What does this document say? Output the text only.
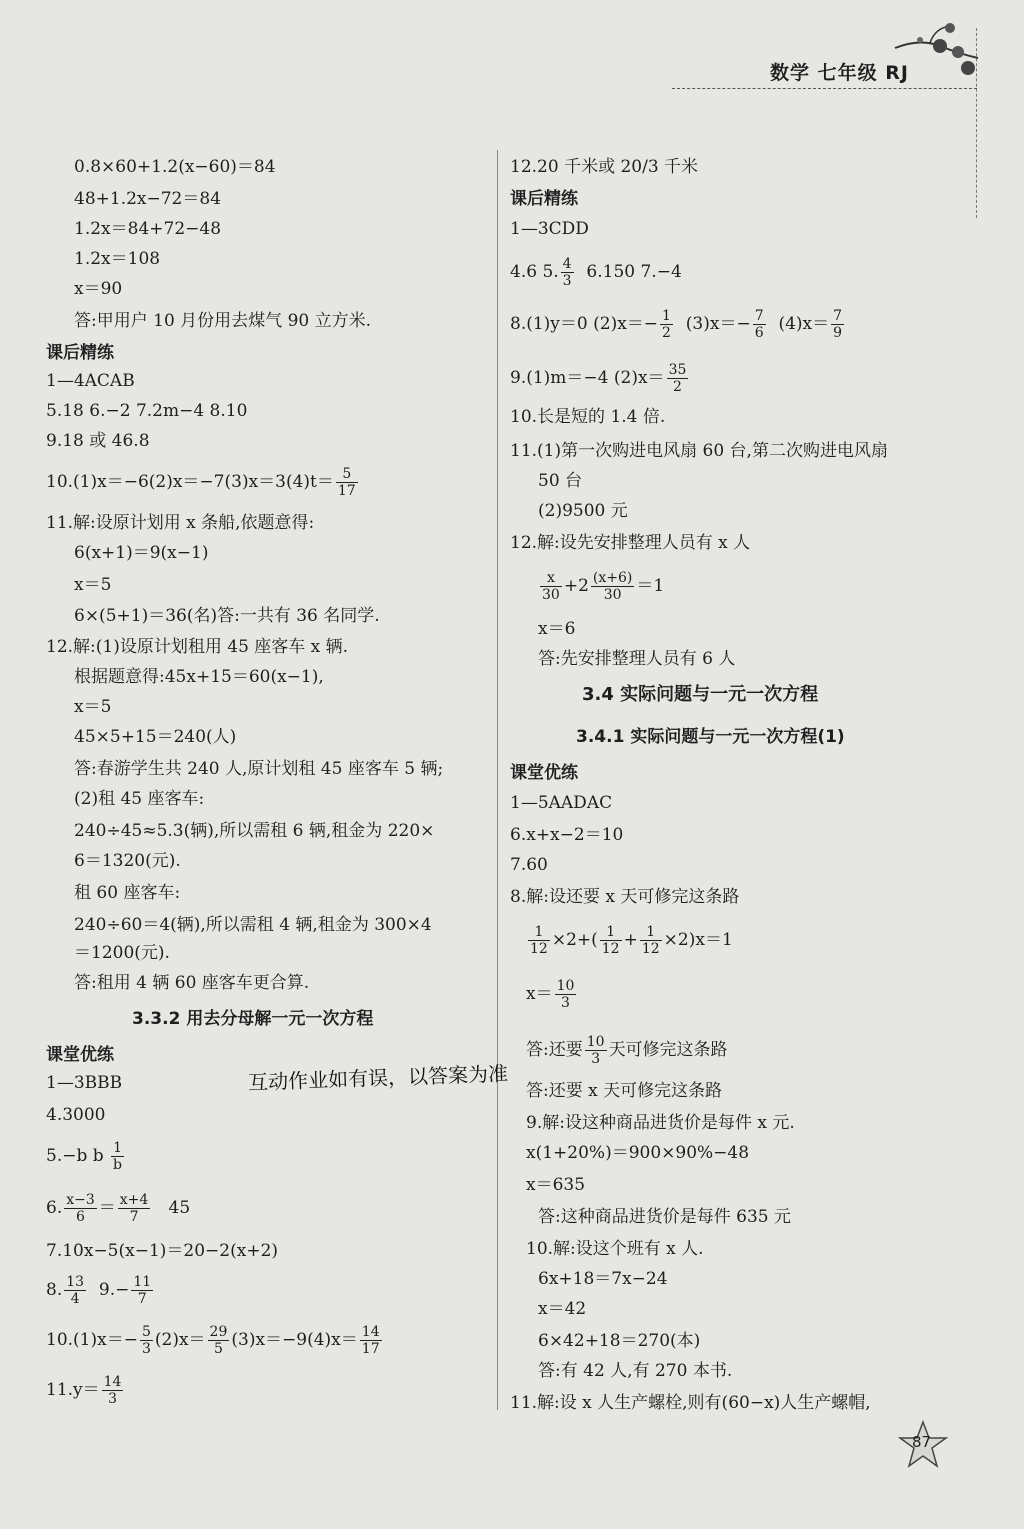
数学 七年级 RJ
0.8×60+1.2(x−60)＝84
48+1.2x−72＝84
1.2x＝84+72−48
1.2x＝108
x＝90
答:甲用户 10 月份用去煤气 90 立方米.
课后精练
1—4ACAB
5.18 6.−2 7.2m−4 8.10
9.18 或 46.8
$10.(1)x=-6(2)x=-7(3)x=3(4)t= \frac{5}{17}$
11.解:设原计划用 x 条船,依题意得:
6(x+1)＝9(x−1)
x＝5
6×(5+1)＝36(名)答:一共有 36 名同学.
12.解:(1)设原计划租用 45 座客车 x 辆.
根据题意得:45x+15＝60(x−1),
x＝5
45×5+15＝240(人)
答:春游学生共 240 人,原计划租 45 座客车 5 辆;
(2)租 45 座客车:
240÷45≈5.3(辆),所以需租 6 辆,租金为 220×
6＝1320(元).
租 60 座客车:
240÷60＝4(辆),所以需租 4 辆,租金为 300×4
＝1200(元).
答:租用 4 辆 60 座客车更合算.
3.3.2 用去分母解一元一次方程
课堂优练
1—3BBB
4.3000
5.−b b $\frac{1}{b}$
6. $\frac{x-3}{6} = \frac{x+4}{7} 45$
7.10x−5(x−1)＝20−2(x+2)
8. $\frac{13}{4} 9.- \frac{11}{7}$
$10.(1)x=- \frac{5}{3} (2)x= \frac{29}{5} (3)x=-9(4)x= \frac{14}{17}$
$11.y= \frac{14}{3}$
互动作业如有误，以答案为准
12.20 千米或 20/3 千米
课后精练
1—3CDD
4.6 5. $\frac{4}{3} 6.150$ 7.−4
8.(1)y＝0 $(2)x=- \frac{1}{2} (3)x=- \frac{7}{6} (4)x= \frac{7}{9}$
9.(1)m＝−4 $(2)x= \frac{35}{2}$
10.长是短的 1.4 倍.
11.(1)第一次购进电风扇 60 台,第二次购进电风扇
50 台
(2)9500 元
12.解:设先安排整理人员有 x 人
$\frac{x}{30} +2 \frac{(x+6)}{30} =1$
x＝6
答:先安排整理人员有 6 人
3.4 实际问题与一元一次方程
3.4.1 实际问题与一元一次方程(1)
课堂优练
1—5AADAC
6.x+x−2＝10
7.60
8.解:设还要 x 天可修完这条路
$\frac{1}{12} \times 2+( \frac{1}{12} + \frac{1}{12} \times 2)x=1$
$x= \frac{10}{3}$
答:还要 $\frac{10}{3}$ 天可修完这条路
答:还要 x 天可修完这条路
9.解:设这种商品进货价是每件 x 元.
x(1+20%)＝900×90%−48
x＝635
答:这种商品进货价是每件 635 元
10.解:设这个班有 x 人.
6x+18＝7x−24
x＝42
6×42+18＝270(本)
答:有 42 人,有 270 本书.
11.解:设 x 人生产螺栓,则有(60−x)人生产螺帽,
87
